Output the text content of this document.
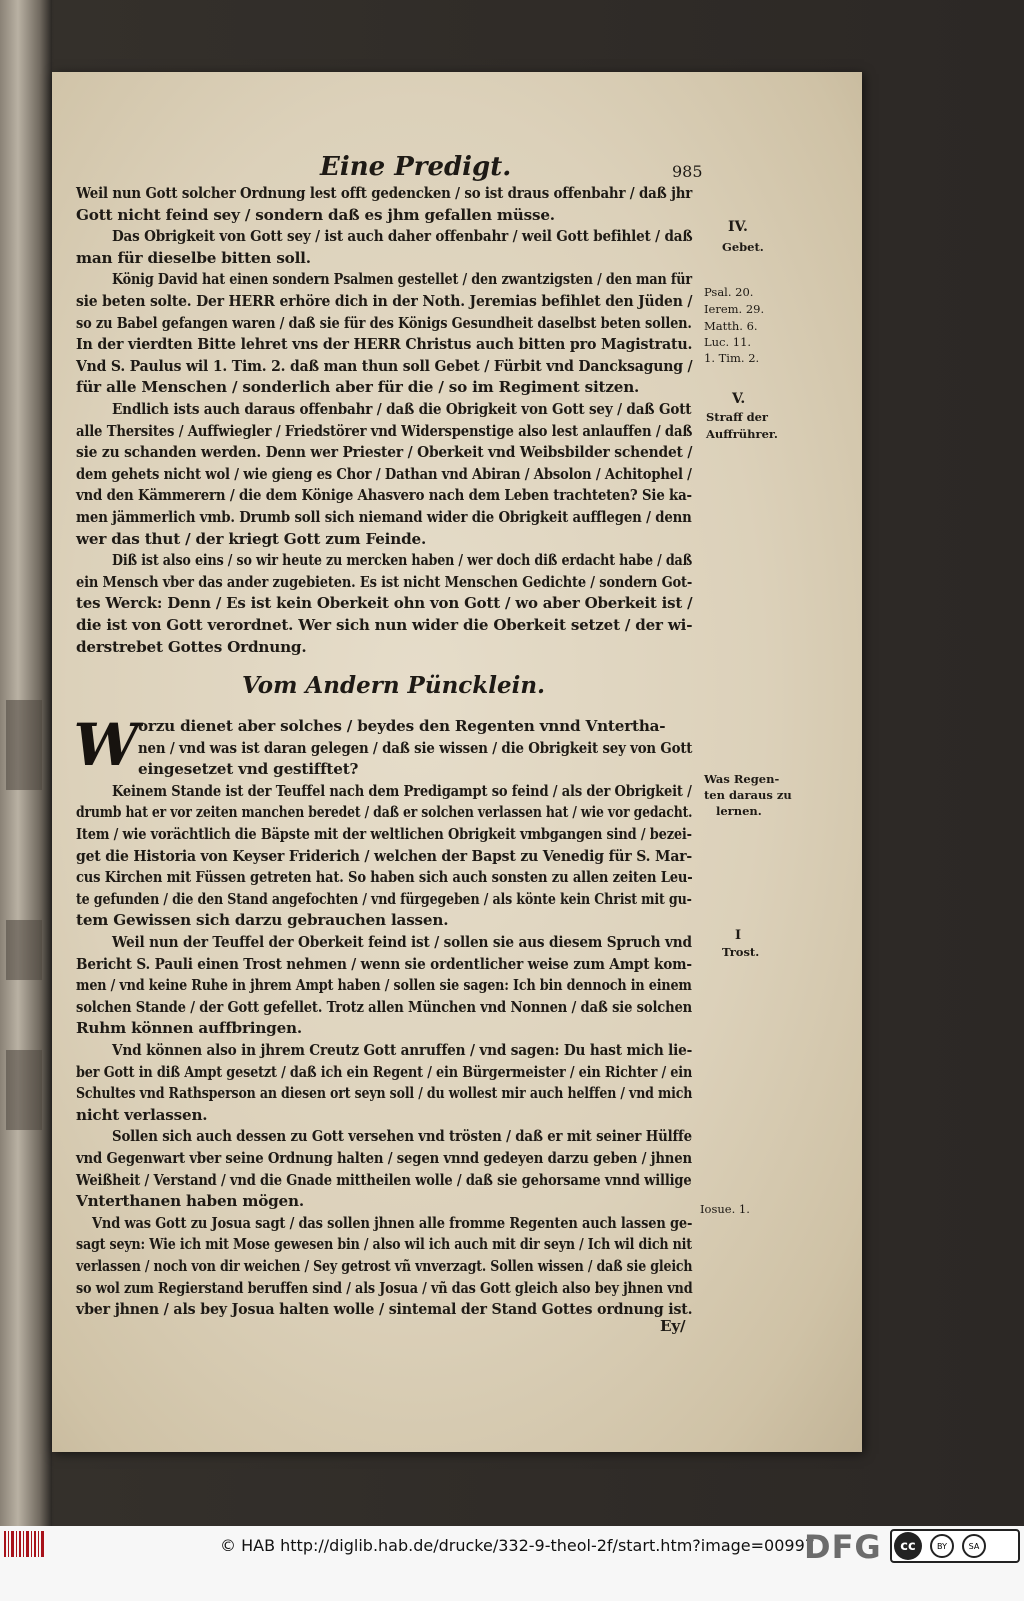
Eine Predigt.	985
Weil nun Gott solcher Ordnung lest offt gedencken / so ist draus offenbahr / daß jhr
Gott nicht feind sey / sondern daß es jhm gefallen müsse.
Das Obrigkeit von Gott sey / ist auch daher offenbahr / weil Gott befihlet / daß
man für dieselbe bitten soll.
König David hat einen sondern Psalmen gestellet / den zwantzigsten / den man für
sie beten solte. Der HERR erhöre dich in der Noth. Jeremias befihlet den Jüden /
so zu Babel gefangen waren / daß sie für des Königs Gesundheit daselbst beten sollen.
In der vierdten Bitte lehret vns der HERR Christus auch bitten pro Magistratu.
Vnd S. Paulus wil 1. Tim. 2. daß man thun soll Gebet / Fürbit vnd Dancksagung /
für alle Menschen / sonderlich aber für die / so im Regiment sitzen.
Endlich ists auch daraus offenbahr / daß die Obrigkeit von Gott sey / daß Gott
alle Thersites / Auffwiegler / Friedstörer vnd Widerspenstige also lest anlauffen / daß
sie zu schanden werden. Denn wer Priester / Oberkeit vnd Weibsbilder schendet /
dem gehets nicht wol / wie gieng es Chor / Dathan vnd Abiran / Absolon / Achitophel /
vnd den Kämmerern / die dem Könige Ahasvero nach dem Leben trachteten? Sie ka-
men jämmerlich vmb. Drumb soll sich niemand wider die Obrigkeit aufflegen / denn
wer das thut / der kriegt Gott zum Feinde.
Diß ist also eins / so wir heute zu mercken haben / wer doch diß erdacht habe / daß
ein Mensch vber das ander zugebieten. Es ist nicht Menschen Gedichte / sondern Got-
tes Werck: Denn / Es ist kein Oberkeit ohn von Gott / wo aber Oberkeit ist /
die ist von Gott verordnet. Wer sich nun wider die Oberkeit setzet / der wi-
derstrebet Gottes Ordnung.
Vom Andern Püncklein.
W orzu dienet aber solches / beydes den Regenten vnnd Vntertha-
nen / vnd was ist daran gelegen / daß sie wissen / die Obrigkeit sey von Gott
eingesetzet vnd gestifftet?
Keinem Stande ist der Teuffel nach dem Predigampt so feind / als der Obrigkeit /
drumb hat er vor zeiten manchen beredet / daß er solchen verlassen hat / wie vor gedacht.
Item / wie vorächtlich die Bäpste mit der weltlichen Obrigkeit vmbgangen sind / bezei-
get die Historia von Keyser Friderich / welchen der Bapst zu Venedig für S. Mar-
cus Kirchen mit Füssen getreten hat. So haben sich auch sonsten zu allen zeiten Leu-
te gefunden / die den Stand angefochten / vnd fürgegeben / als könte kein Christ mit gu-
tem Gewissen sich darzu gebrauchen lassen.
Weil nun der Teuffel der Oberkeit feind ist / sollen sie aus diesem Spruch vnd
Bericht S. Pauli einen Trost nehmen / wenn sie ordentlicher weise zum Ampt kom-
men / vnd keine Ruhe in jhrem Ampt haben / sollen sie sagen: Ich bin dennoch in einem
solchen Stande / der Gott gefellet. Trotz allen München vnd Nonnen / daß sie solchen
Ruhm können auffbringen.
Vnd können also in jhrem Creutz Gott anruffen / vnd sagen: Du hast mich lie-
ber Gott in diß Ampt gesetzt / daß ich ein Regent / ein Bürgermeister / ein Richter / ein
Schultes vnd Rathsperson an diesen ort seyn soll / du wollest mir auch helffen / vnd mich
nicht verlassen.
Sollen sich auch dessen zu Gott versehen vnd trösten / daß er mit seiner Hülffe
vnd Gegenwart vber seine Ordnung halten / segen vnnd gedeyen darzu geben / jhnen
Weißheit / Verstand / vnd die Gnade mittheilen wolle / daß sie gehorsame vnnd willige
Vnterthanen haben mögen.
Vnd was Gott zu Josua sagt / das sollen jhnen alle fromme Regenten auch lassen ge-
sagt seyn: Wie ich mit Mose gewesen bin / also wil ich auch mit dir seyn / Ich wil dich nit
verlassen / noch von dir weichen / Sey getrost vñ vnverzagt. Sollen wissen / daß sie gleich
so wol zum Regierstand beruffen sind / als Josua / vñ das Gott gleich also bey jhnen vnd
vber jhnen / als bey Josua halten wolle / sintemal der Stand Gottes ordnung ist.
Ey/
IV.
Gebet.
Psal. 20.
Ierem. 29.
Matth. 6.
Luc. 11.
1. Tim. 2.
V.
Straff der
Auffrührer.
Was Regen-
ten daraus zu
lernen.
I
Trost.
Iosue. 1.
© HAB http://diglib.hab.de/drucke/332-9-theol-2f/start.htm?image=00997
DFG	cc	BY	SA
